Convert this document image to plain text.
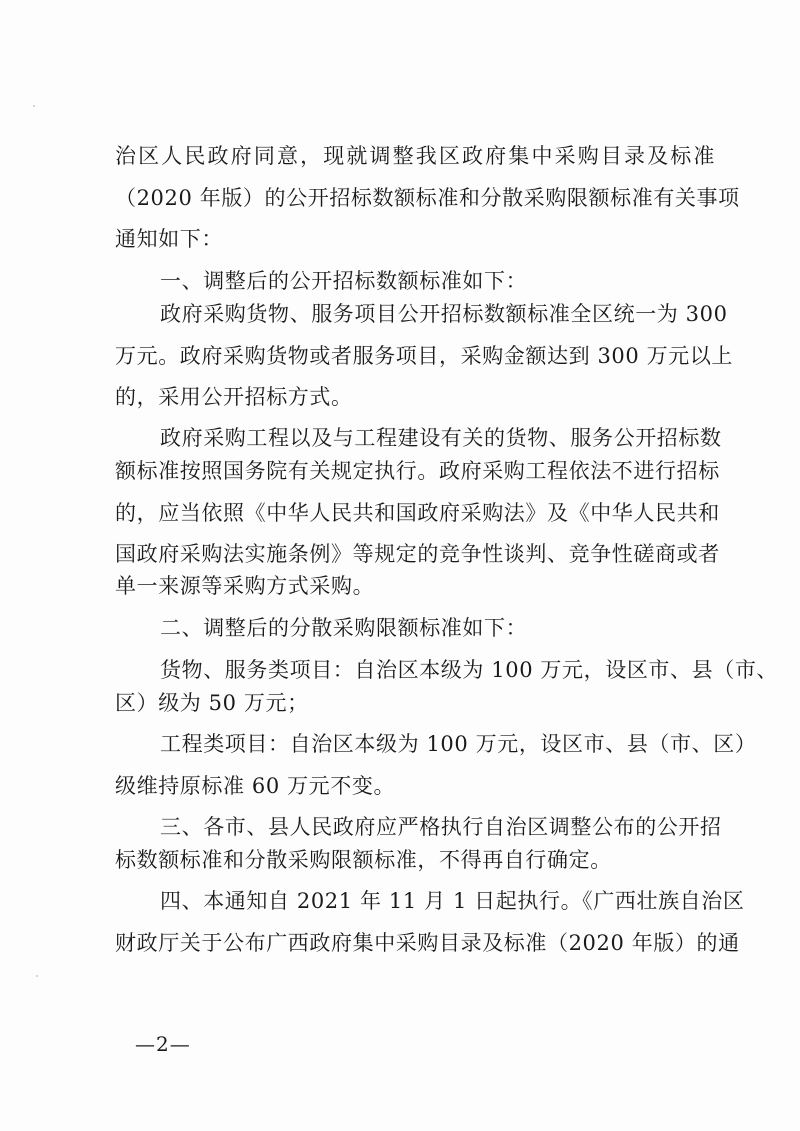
治区人民政府同意，现就调整我区政府集中采购目录及标准
（2020 年版）的公开招标数额标准和分散采购限额标准有关事项
通知如下：
一、调整后的公开招标数额标准如下：
政府采购货物、服务项目公开招标数额标准全区统一为 300
万元。政府采购货物或者服务项目，采购金额达到 300 万元以上
的，采用公开招标方式。
政府采购工程以及与工程建设有关的货物、服务公开招标数
额标准按照国务院有关规定执行。政府采购工程依法不进行招标
的，应当依照《中华人民共和国政府采购法》及《中华人民共和
国政府采购法实施条例》等规定的竞争性谈判、竞争性磋商或者
单一来源等采购方式采购。
二、调整后的分散采购限额标准如下：
货物、服务类项目：自治区本级为 100 万元，设区市、县（市、
区）级为 50 万元；
工程类项目：自治区本级为 100 万元，设区市、县（市、区）
级维持原标准 60 万元不变。
三、各市、县人民政府应严格执行自治区调整公布的公开招
标数额标准和分散采购限额标准，不得再自行确定。
四、本通知自 2021 年 11 月 1 日起执行。《广西壮族自治区
财政厅关于公布广西政府集中采购目录及标准（2020 年版）的通
—2—
